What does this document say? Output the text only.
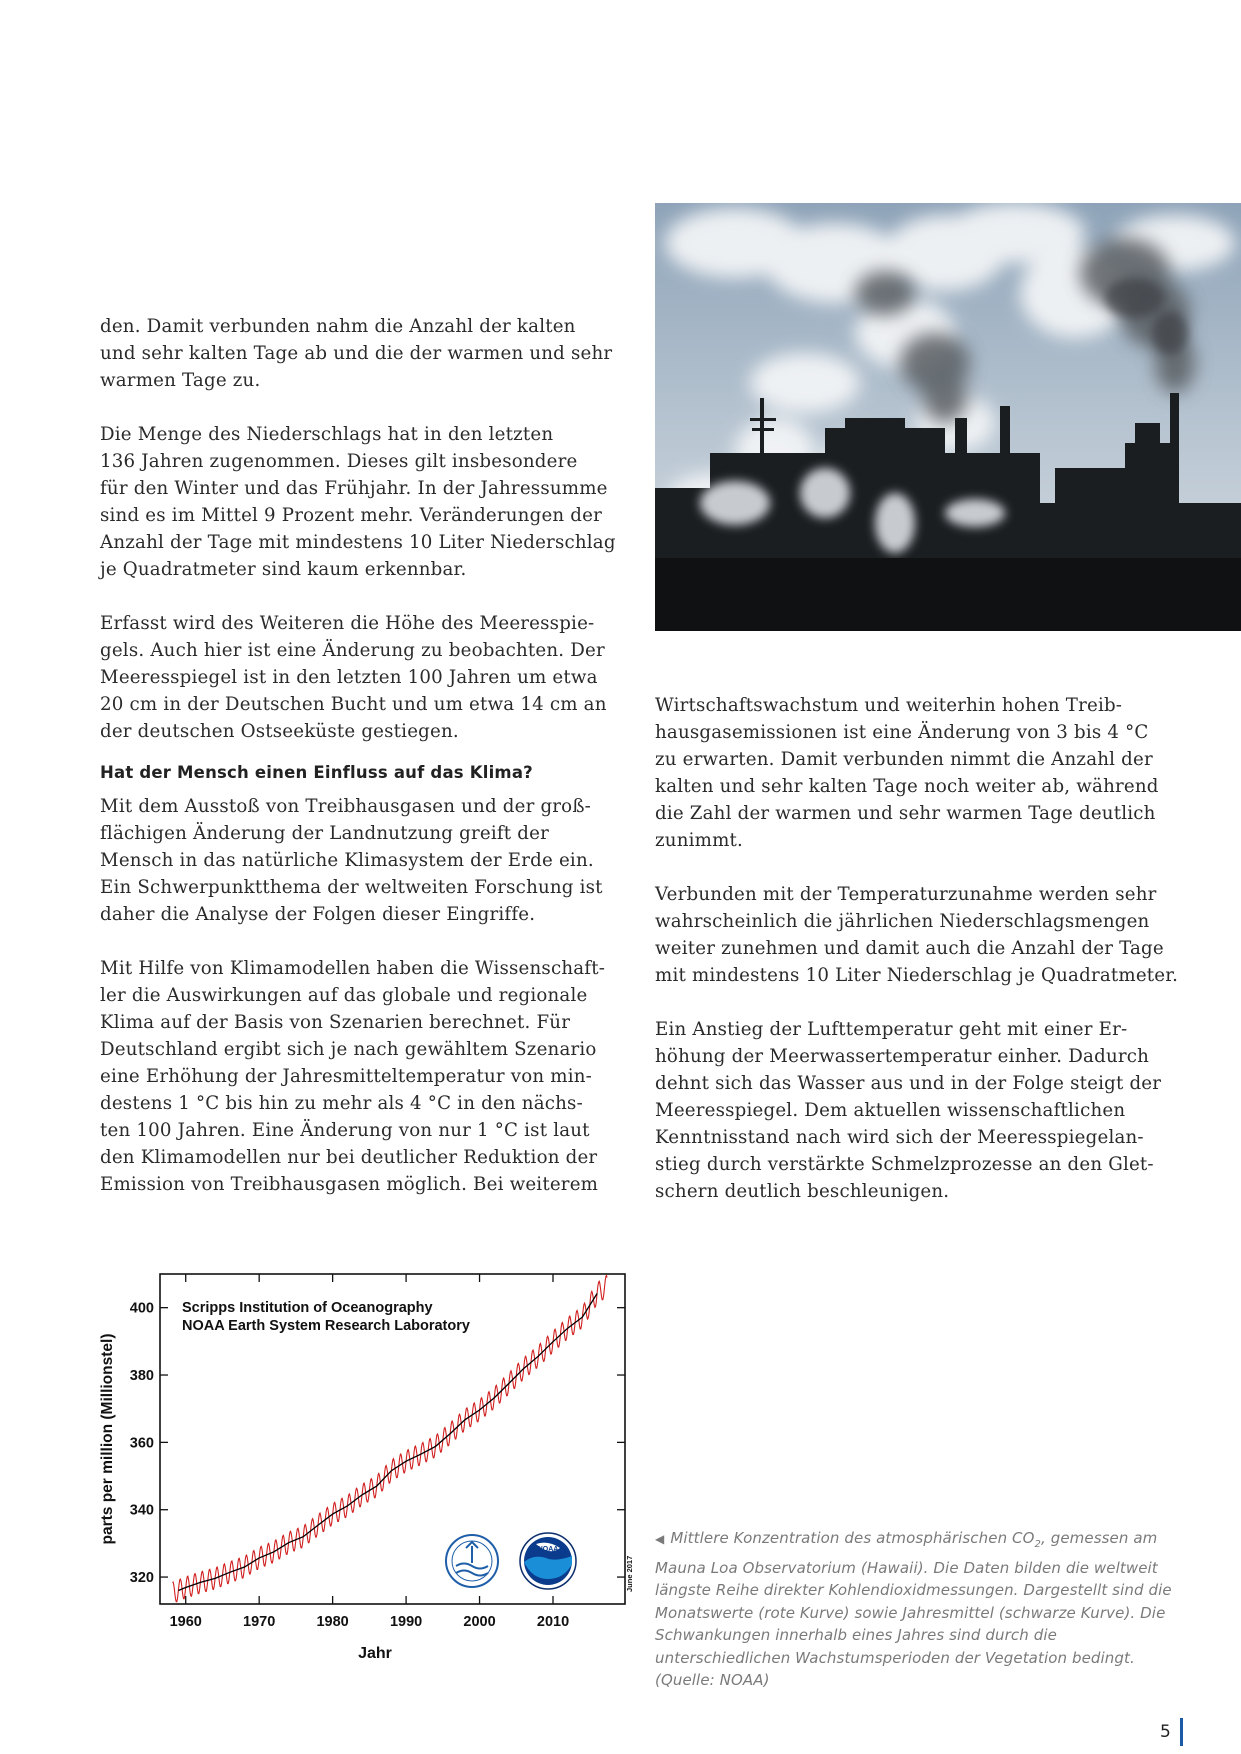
den. Damit verbunden nahm die Anzahl der kalten
und sehr kalten Tage ab und die der warmen und sehr
warmen Tage zu.

Die Menge des Niederschlags hat in den letzten
136 Jahren zugenommen. Dieses gilt insbesondere
für den Winter und das Frühjahr. In der Jahressumme
sind es im Mittel 9 Prozent mehr. Veränderungen der
Anzahl der Tage mit mindestens 10 Liter Niederschlag
je Quadratmeter sind kaum erkennbar.

Erfasst wird des Weiteren die Höhe des Meeresspie-
gels. Auch hier ist eine Änderung zu beobachten. Der
Meeresspiegel ist in den letzten 100 Jahren um etwa
20 cm in der Deutschen Bucht und um etwa 14 cm an
der deutschen Ostseeküste gestiegen.

Hat der Mensch einen Einfluss auf das Klima?

Mit dem Ausstoß von Treibhausgasen und der groß-
flächigen Änderung der Landnutzung greift der
Mensch in das natürliche Klimasystem der Erde ein.
Ein Schwerpunktthema der weltweiten Forschung ist
daher die Analyse der Folgen dieser Eingriffe.

Mit Hilfe von Klimamodellen haben die Wissenschaft-
ler die Auswirkungen auf das globale und regionale
Klima auf der Basis von Szenarien berechnet. Für
Deutschland ergibt sich je nach gewähltem Szenario
eine Erhöhung der Jahresmitteltemperatur von min-
destens 1 °C bis hin zu mehr als 4 °C in den nächs-
ten 100 Jahren. Eine Änderung von nur 1 °C ist laut
den Klimamodellen nur bei deutlicher Reduktion der
Emission von Treibhausgasen möglich. Bei weiterem

Wirtschaftswachstum und weiterhin hohen Treib-
hausgasemissionen ist eine Änderung von 3 bis 4 °C
zu erwarten. Damit verbunden nimmt die Anzahl der
kalten und sehr kalten Tage noch weiter ab, während
die Zahl der warmen und sehr warmen Tage deutlich
zunimmt.

Verbunden mit der Temperaturzunahme werden sehr
wahrscheinlich die jährlichen Niederschlagsmengen
weiter zunehmen und damit auch die Anzahl der Tage
mit mindestens 10 Liter Niederschlag je Quadratmeter.

Ein Anstieg der Lufttemperatur geht mit einer Er-
höhung der Meerwassertemperatur einher. Dadurch
dehnt sich das Wasser aus und in der Folge steigt der
Meeresspiegel. Dem aktuellen wissenschaftlichen
Kenntnisstand nach wird sich der Meeresspiegelan-
stieg durch verstärkte Schmelzprozesse an den Glet-
schern deutlich beschleunigen.

Scripps Institution of Oceanography
NOAA Earth System Research Laboratory
320
340
360
380
400
1960	1970	1980	1990	2000	2010
parts per million (Millionstel)
Jahr
June 2017
NOAA
◀ Mittlere Konzentration des atmosphärischen $CO_2$, gemessen am Mauna Loa Observatorium (Hawaii). Die Daten bilden die weltweit längste Reihe direkter Kohlendioxidmessungen. Dargestellt sind die Monatswerte (rote Kurve) sowie Jahresmittel (schwarze Kurve). Die Schwankungen innerhalb eines Jahres sind durch die unterschiedlichen Wachstumsperioden der Vegetation bedingt. (Quelle: NOAA)
5
